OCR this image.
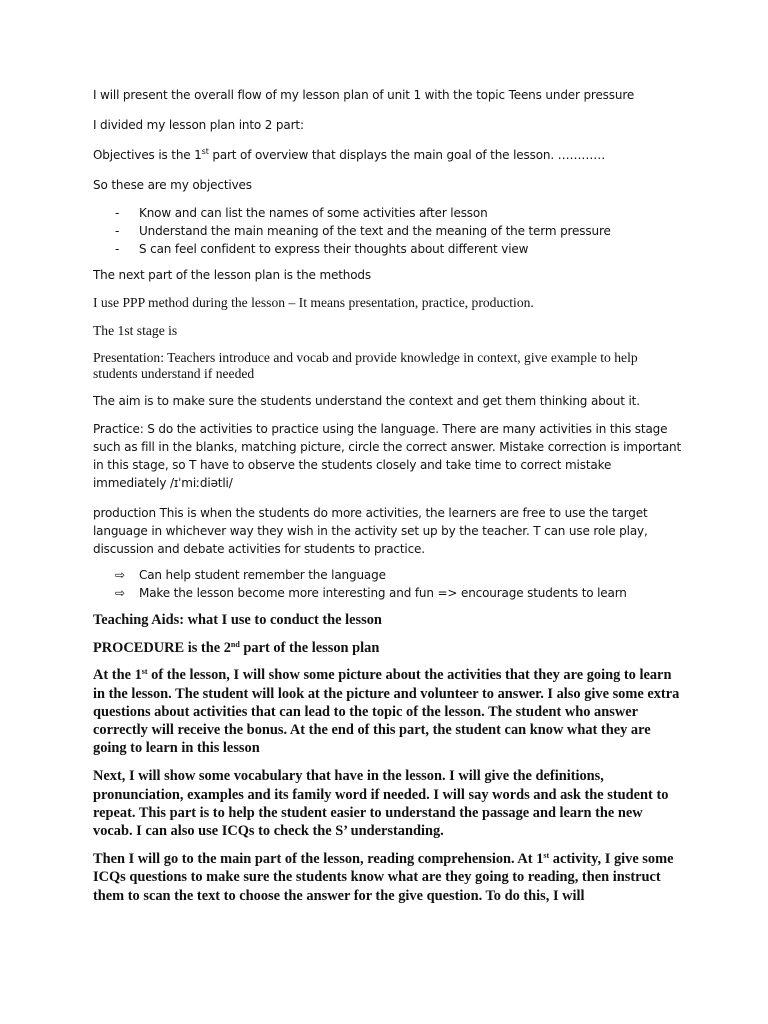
I will present the overall flow of my lesson plan of unit 1 with the topic Teens under pressure

I divided my lesson plan into 2 part:

Objectives is the 1st part of overview that displays the main goal of the lesson. …………

So these are my objectives

- Know and can list the names of some activities after lesson
- Understand the main meaning of the text and the meaning of the term pressure
- S can feel confident to express their thoughts about different view

The next part of the lesson plan is the methods

I use PPP method during the lesson – It means presentation, practice, production.

The 1st stage is

Presentation: Teachers introduce and vocab and provide knowledge in context, give example to help students understand if needed

The aim is to make sure the students understand the context and get them thinking about it.

Practice: S do the activities to practice using the language. There are many activities in this stage such as fill in the blanks, matching picture, circle the correct answer. Mistake correction is important in this stage, so T have to observe the students closely and take time to correct mistake immediately /ɪˈmiːdiətli/

production This is when the students do more activities, the learners are free to use the target language in whichever way they wish in the activity set up by the teacher. T can use role play, discussion and debate activities for students to practice.

⇨ Can help student remember the language
⇨ Make the lesson become more interesting and fun => encourage students to learn

Teaching Aids: what I use to conduct the lesson

PROCEDURE is the 2nd part of the lesson plan

At the 1st of the lesson, I will show some picture about the activities that they are going to learn in the lesson. The student will look at the picture and volunteer to answer. I also give some extra questions about activities that can lead to the topic of the lesson. The student who answer correctly will receive the bonus. At the end of this part, the student can know what they are going to learn in this lesson

Next, I will show some vocabulary that have in the lesson. I will give the definitions, pronunciation, examples and its family word if needed. I will say words and ask the student to repeat. This part is to help the student easier to understand the passage and learn the new vocab. I can also use ICQs to check the S’ understanding.

Then I will go to the main part of the lesson, reading comprehension. At 1st activity, I give some ICQs questions to make sure the students know what are they going to reading, then instruct them to scan the text to choose the answer for the give question. To do this, I will
